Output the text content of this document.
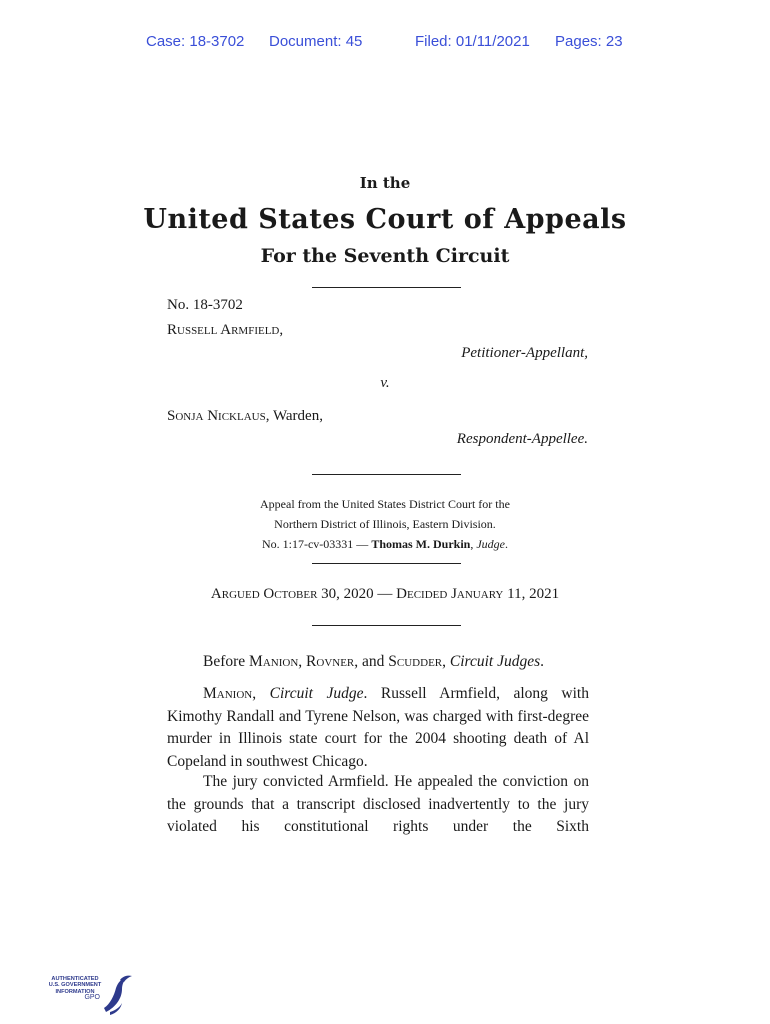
Case: 18-3702 Document: 45	Filed: 01/11/2021 Pages: 23
In the
United States Court of Appeals
For the Seventh Circuit
No. 18-3702
Russell Armfield,
Petitioner-Appellant,
v.
Sonja Nicklaus, Warden,
Respondent-Appellee.
Appeal from the United States District Court for the
Northern District of Illinois, Eastern Division.
No. 1:17-cv-03331 — Thomas M. Durkin, Judge.
Argued October 30, 2020 — Decided January 11, 2021

Before Manion, Rovner, and Scudder, Circuit Judges.

Manion, Circuit Judge. Russell Armfield, along with Kimothy Randall and Tyrene Nelson, was charged with first-degree murder in Illinois state court for the 2004 shooting death of Al Copeland in southwest Chicago.

The jury convicted Armfield. He appealed the conviction on the grounds that a transcript disclosed inadvertently to the jury violated his constitutional rights under the Sixth

AUTHENTICATED
U.S. GOVERNMENT
INFORMATION
GPO
